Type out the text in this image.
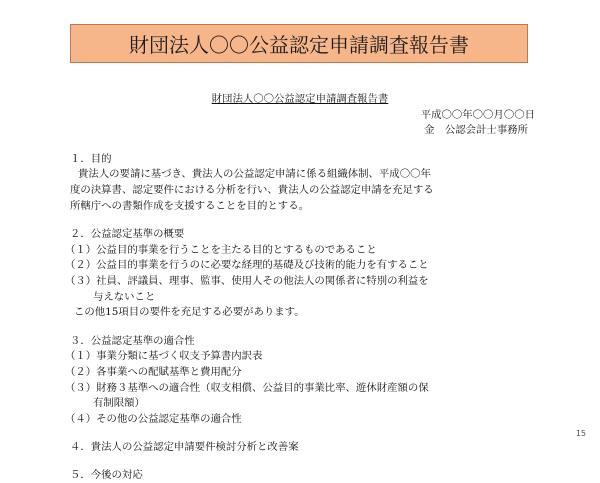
財団法人〇〇公益認定申請調査報告書
財団法人〇〇公益認定申請調査報告書
平成〇〇年〇〇月〇〇日
金　公認会計士事務所
１．目的
貴法人の要請に基づき、貴法人の公益認定申請に係る組織体制、平成〇〇年
度の決算書、認定要件における分析を行い、貴法人の公益認定申請を充足する
所轄庁への書類作成を支援することを目的とする。
２．公益認定基準の概要
（１）公益目的事業を行うことを主たる目的とするものであること
（２）公益目的事業を行うのに必要な経理的基礎及び技術的能力を有すること
（３）社員、評議員、理事、監事、使用人その他法人の関係者に特別の利益を
与えないこと
この他15項目の要件を充足する必要があります。
３．公益認定基準の適合性
（１）事業分類に基づく収支予算書内訳表
（２）各事業への配賦基準と費用配分
（３）財務３基準への適合性（収支相償、公益目的事業比率、遊休財産額の保
有制限額）
（４）その他の公益認定基準の適合性
４．貴法人の公益認定申請要件検討分析と改善案
５．今後の対応
15
